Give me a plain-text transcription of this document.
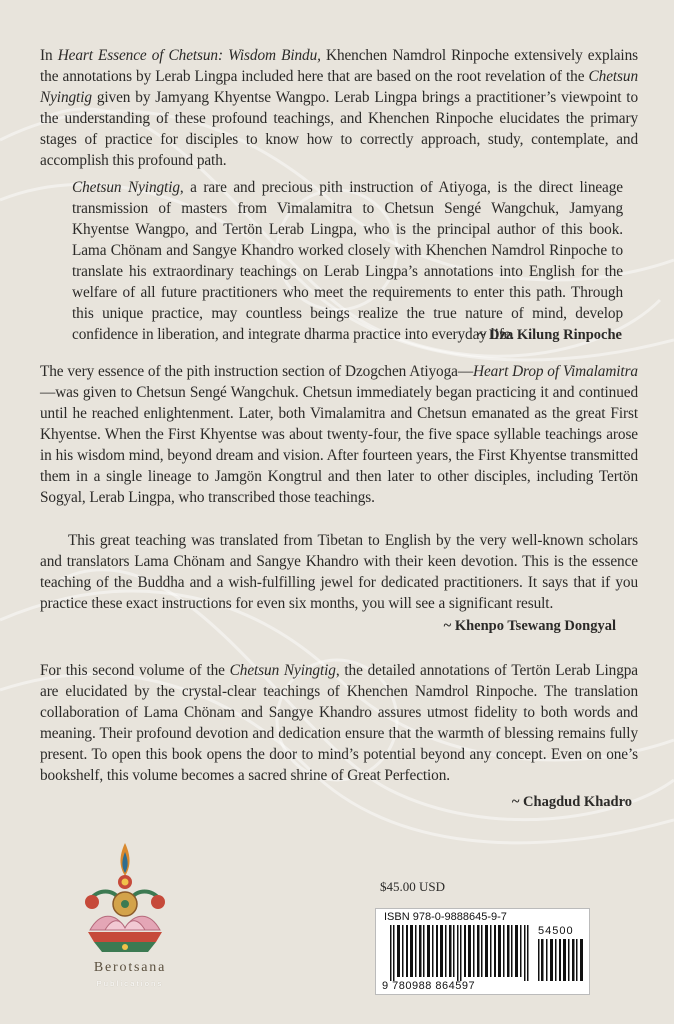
In Heart Essence of Chetsun: Wisdom Bindu, Khenchen Namdrol Rinpoche extensively explains the annotations by Lerab Lingpa included here that are based on the root revelation of the Chetsun Nyingtig given by Jamyang Khyentse Wangpo. Lerab Lingpa brings a practitioner’s viewpoint to the understanding of these profound teachings, and Khenchen Rinpoche elucidates the primary stages of practice for disciples to know how to correctly approach, study, contemplate, and accomplish this profound path.

Chetsun Nyingtig, a rare and precious pith instruction of Atiyoga, is the direct lineage transmission of masters from Vimalamitra to Chetsun Sengé Wangchuk, Jamyang Khyentse Wangpo, and Tertön Lerab Lingpa, who is the principal author of this book. Lama Chönam and Sangye Khandro worked closely with Khenchen Namdrol Rinpoche to translate his extraordinary teachings on Lerab Lingpa’s annotations into English for the welfare of all future practitioners who meet the requirements to enter this path. Through this unique practice, may countless beings realize the true nature of mind, develop confidence in liberation, and integrate dharma practice into everyday life.

~ Dza Kilung Rinpoche

The very essence of the pith instruction section of Dzogchen Atiyoga—Heart Drop of Vimalamitra—was given to Chetsun Sengé Wangchuk. Chetsun immediately began practicing it and continued until he reached enlightenment. Later, both Vimalamitra and Chetsun emanated as the great First Khyentse. When the First Khyentse was about twenty-four, the five space syllable teachings arose in his wisdom mind, beyond dream and vision. After fourteen years, the First Khyentse transmitted them in a single lineage to Jamgön Kongtrul and then later to other disciples, including Tertön Sogyal, Lerab Lingpa, who transcribed those teachings.

This great teaching was translated from Tibetan to English by the very well-known scholars and translators Lama Chönam and Sangye Khandro with their keen devotion. This is the essence teaching of the Buddha and a wish-fulfilling jewel for dedicated practitioners. It says that if you practice these exact instructions for even six months, you will see a significant result.

~ Khenpo Tsewang Dongyal

For this second volume of the Chetsun Nyingtig, the detailed annotations of Tertön Lerab Lingpa are elucidated by the crystal-clear teachings of Khenchen Namdrol Rinpoche. The translation collaboration of Lama Chönam and Sangye Khandro assures utmost fidelity to both words and meaning. Their profound devotion and dedication ensure that the warmth of blessing remains fully present. To open this book opens the door to mind’s potential beyond any concept. Even on one’s bookshelf, this volume becomes a sacred shrine of Great Perfection.

~ Chagdud Khadro

Berotsana
Publications
$45.00 USD
ISBN 978-0-9888645-9-7
54500
9 780988 864597
